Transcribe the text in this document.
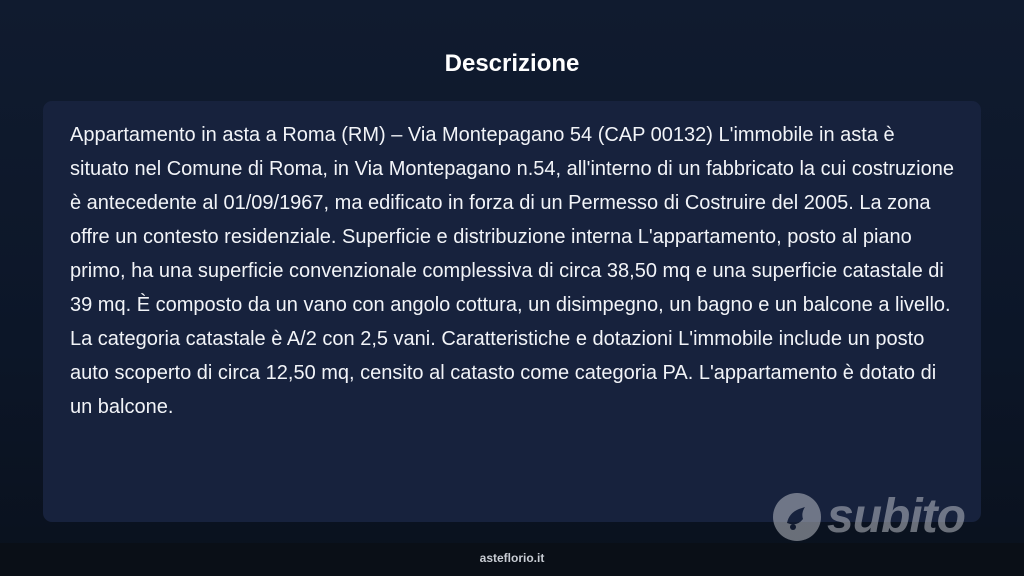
Descrizione

Appartamento in asta a Roma (RM) – Via Montepagano 54 (CAP 00132) L'immobile in asta è situato nel Comune di Roma, in Via Montepagano n.54, all'interno di un fabbricato la cui costruzione è antecedente al 01/09/1967, ma edificato in forza di un Permesso di Costruire del 2005. La zona offre un contesto residenziale. Superficie e distribuzione interna L'appartamento, posto al piano primo, ha una superficie convenzionale complessiva di circa 38,50 mq e una superficie catastale di 39 mq. È composto da un vano con angolo cottura, un disimpegno, un bagno e un balcone a livello. La categoria catastale è A/2 con 2,5 vani. Caratteristiche e dotazioni L'immobile include un posto auto scoperto di circa 12,50 mq, censito al catasto come categoria PA. L'appartamento è dotato di un balcone.

subito
asteflorio.it
